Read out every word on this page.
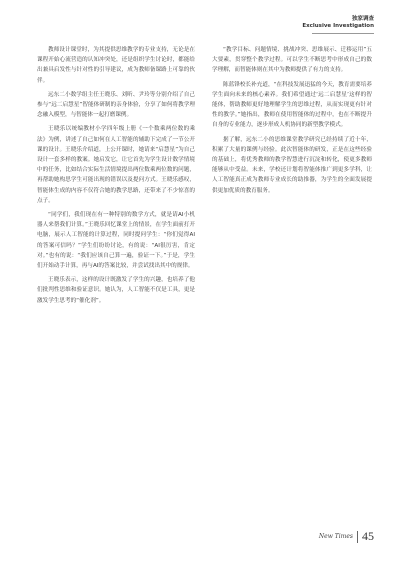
独家调查
Exclusive Investigation

教师设计课堂时，为其提供思维教学的专业支持，无论是在课程开始心流营造的认知冲突处，还是组织学生讨论时，都能给出兼具启发性与针对性的引导建议，成为教师备课路上可靠的伙伴。

远东二小数学组主任王晓乐、刘昕、尹玲等分别介绍了自己参与“远二启慧星”智能体研制的亲身体验，分享了如何将教学理念融入模型，与智能体一起打磨课例。

王晓乐以统编教材小学四年级上册《一个数乘两位数的乘法》为例，讲述了自己如何在人工智能的辅助下完成了一节公开课的设计。王晓乐介绍道，上公开课时，她请来“启慧星”为自己设计一套多样的教案。她启发它，让它首先为学生设计数学情境中的任务，比如结合实际生活情境提出两位数乘两位数的问题，再帮助她构思学生可能出现的错误以及提问方式。王晓乐感叹，智能体生成的内容不仅符合她的教学思路，还带来了不少惊喜的点子。

“同学们，我们现在有一种特别的数学方式，就是请AI小机器人来帮我们计算。”王晓乐回忆课堂上的情景，在学生面前打开电脑，展示人工智能的计算过程，同时提问学生：“你们觉得AI的答案可信吗？”学生们纷纷讨论，有的说：“AI很厉害，肯定对。”也有的说：“我们应该自己算一遍，验证一下。”于是，学生们开始动手计算，再与AI的答案比较，并尝试找出其中的规律。

王晓乐表示，这样的设计既激发了学生的兴趣，也培养了他们批判性思维和验证意识。她认为，人工智能不仅是工具，更是激发学生思考的“催化剂”。

“教学目标、问题情境、挑战冲突、思维展示、迁移运用”五大要素，贯穿整个教学过程。可以学生不断思考中形成自己的数学理解，而智能体则在其中为教师提供了有力的支持。

陈蓝锋校长补充道，“在科技发展迅猛的今天，教育需要培养学生面向未来的核心素养。我们希望通过‘远二启慧星’这样的智能体，帮助教师更好地理解学生的思维过程，从而实现更有针对性的教学。”她指出，教师在使用智能体的过程中，也在不断提升自身的专业能力，逐步形成人机协同的新型教学模式。

据了解，远东二小的思维课堂教学研究已经持续了近十年，积累了大量的课例与经验。此次智能体的研发，正是在这些经验的基础上，将优秀教师的教学智慧进行沉淀和转化，使更多教师能够从中受益。未来，学校还计划将智能体推广到更多学科，让人工智能真正成为教师专业成长的助推器，为学生的全面发展提供更加优质的教育服务。

New Times 45
